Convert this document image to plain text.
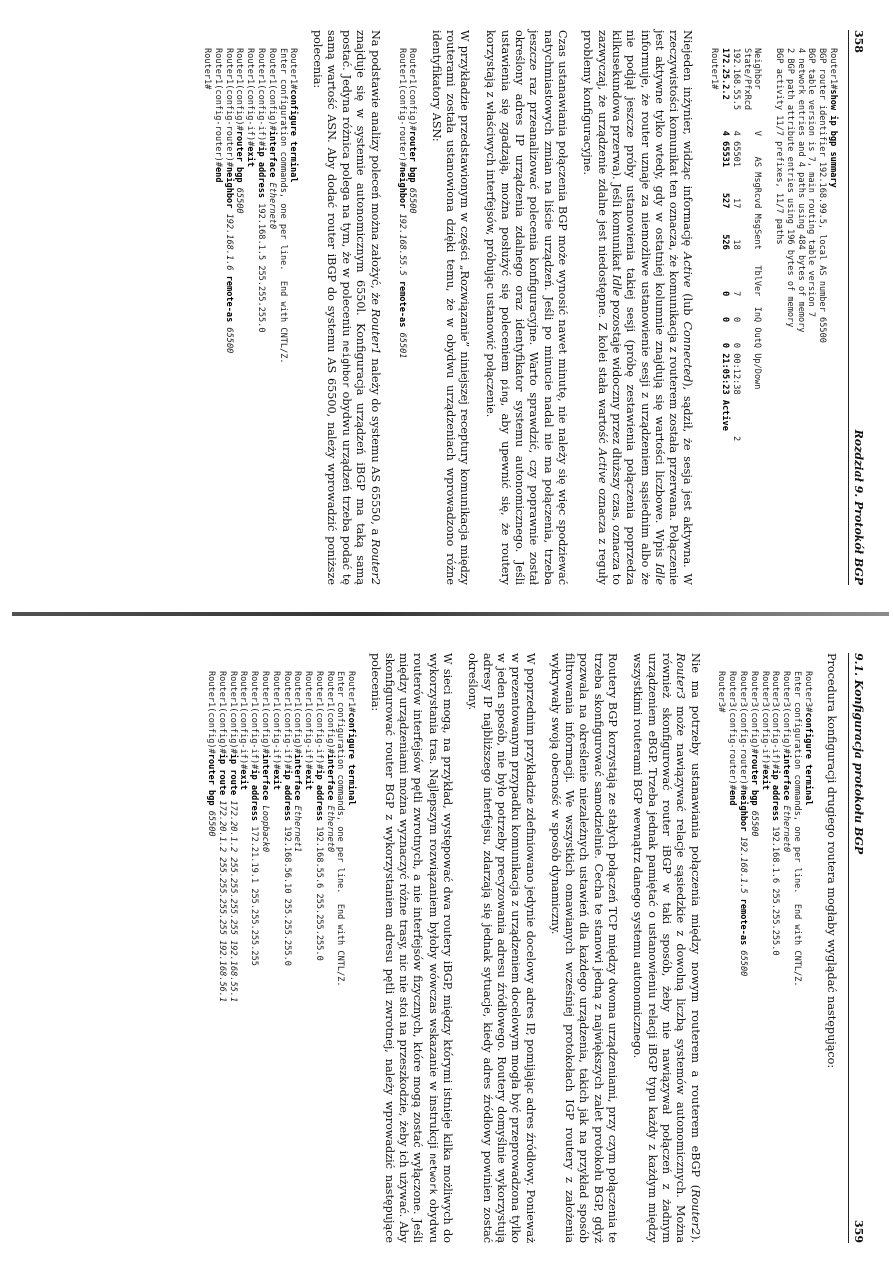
358
Rozdział 9. Protokół BGP
Router1#show ip bgp summary
BGP router identifier 192.168.99.5, local AS number 65500
BGP table version is 7, main routing table version 7
4 network entries and 4 paths using 484 bytes of memory
2 BGP path attribute entries using 196 bytes of memory
BGP activity 11/7 prefixes, 11/7 paths

Neighbor        V    AS MsgRcvd MsgSent   TblVer  InQ OutQ Up/Down
State/PfxRcd
192.168.55.5    4 65501      17      18        7    0    0 00:12:38        2
172.25.2.2      4 65531     527     526        0    0    0 21:05:23 Active
Router1#

Niejeden inżynier, widząc informację Active (lub Connected), sądził, że sesja jest aktywna. W rzeczywistości komunikat ten oznacza, że komunikacja z routerem została przerwana. Połączenie jest aktywne tylko wtedy, gdy w ostatniej kolumnie znajdują się wartości liczbowe. Wpis Idle informuje, że router uznaje za niemożliwe ustanowienie sesji z urządzeniem sąsiednim albo że nie podjął jeszcze próby ustanowienia takiej sesji (próbę zestawienia połączenia poprzedza kilkusekundowa przerwa). Jeśli komunikat Idle pozostaje widoczny przez dłuższy czas, oznacza to zazwyczaj, że urządzenie zdalne jest niedostępne. Z kolei stała wartość Active oznacza z reguły problemy konfiguracyjne.

Czas ustanawiania połączenia BGP może wynosić nawet minutę, nie należy się więc spodziewać natychmiastowych zmian na liście urządzeń. Jeśli po minucie nadal nie ma połączenia, trzeba jeszcze raz przeanalizować polecenia konfiguracyjne. Warto sprawdzić, czy poprawnie został określony adres IP urządzenia zdalnego oraz identyfikator systemu autonomicznego. Jeśli ustawienia się zgadzają, można posłużyć się poleceniem ping, aby upewnić się, że routery korzystają z właściwych interfejsów, próbując ustanowić połączenie.

W przykładzie przedstawionym w części „Rozwiązanie” niniejszej receptury komunikacja między routerami została ustanowiona dzięki temu, że w obydwu urządzeniach wprowadzono różne identyfikatory ASN:

Router1(config)#router bgp 65500
Router1(config-router)#neighbor 192.168.55.5 remote-as 65501

Na podstawie analizy poleceń można założyć, że Router1 należy do systemu AS 65550, a Router2 znajduje się w systemie autonomicznym 6550l. Konfiguracja urządzeń iBGP ma taką samą postać. Jedyna różnica polega na tym, że w poleceniu neighbor obydwu urządzeń trzeba podać tę samą wartość ASN. Aby dodać router iBGP do systemu AS 65500, należy wprowadzić poniższe polecenia:

Router1#configure terminal
Enter configuration commands, one per line.  End with CNTL/Z.
Router1(config)#interface Ethernet0
Router1(config-if)#ip address 192.168.1.5 255.255.255.0
Router1(config-if)#exit
Router1(config)#router bgp 65500
Router1(config-router)#neighbor 192.168.1.6 remote-as 65500
Router1(config-router)#end
Router1#
9.1. Konfiguracja protokołu BGP
359

Procedura konfiguracji drugiego routera mogłaby wyglądać następująco:

Router3#configure terminal
Enter configuration commands, one per line.  End with CNTL/Z.
Router3(config)#interface Ethernet0
Router3(config-if)#ip address 192.168.1.6 255.255.255.0
Router3(config-if)#exit
Router3(config)#router bgp 65500
Router3(config-router)#neighbor 192.168.1.5 remote-as 65500
Router3(config-router)#end
Router3#

Nie ma potrzeby ustanawiania połączenia między nowym routerem a routerem eBGP (Router2). Router3 może nawiązywać relacje sąsiedzkie z dowolną liczbą systemów autonomicznych. Można również skonfigurować router iBGP w taki sposób, żeby nie nawiązywał połączeń z żadnym urządzeniem eBGP. Trzeba jednak pamiętać o ustanowieniu relacji iBGP typu każdy z każdym między wszystkimi routerami BGP wewnątrz danego systemu autonomicznego.

Routery BGP korzystają ze stałych połączeń TCP między dwoma urządzeniami, przy czym połączenia te trzeba skonfigurować samodzielnie. Cecha te stanowi jedną z największych zalet protokołu BGP, gdyż pozwala na określenie niezależnych ustawień dla każdego urządzenia, takich jak na przykład sposób filtrowania informacji. We wszystkich omawianych wcześniej protokołach IGP routery z założenia wykrywały swoją obecność w sposób dynamiczny.

W poprzednim przykładzie zdefiniowano jedynie docelowy adres IP, pomijając adres źródłowy. Ponieważ w prezentowanym przypadku komunikacja z urządzeniem docelowym mogła być przeprowadzona tylko w jeden sposób, nie było potrzeby precyzowania adresu źródłowego. Routery domyślnie wykorzystują adresy IP najbliższego interfejsu, zdarzają się jednak sytuacje, kiedy adres źródłowy powinien zostać określony.

W sieci mogą, na przykład, występować dwa routery iBGP, między którymi istnieje kilka możliwych do wykorzystania tras. Najlepszym rozwiązaniem byłoby wówczas wskazanie w instrukcji network obydwu routerów interfejsów pętli zwrotnych, a nie interfejsów fizycznych, które mogą zostać wyłączone. Jeśli między urządzeniami można wyznaczyć różne trasy, nic nie stoi na przeszkodzie, żeby ich używać. Aby skonfigurować router BGP z wykorzystaniem adresu pętli zwrotnej, należy wprowadzić następujące polecenia:

Router1#configure terminal
Enter configuration commands, one per line.  End with CNTL/Z.
Router1(config)#interface Ethernet0
Router1(config-if)#ip address 192.168.55.6 255.255.255.0
Router1(config-if)#exit
Router1(config)#interface Ethernet1
Router1(config-if)#ip address 192.168.56.10 255.255.255.0
Router1(config-if)#exit
Router1(config)#interface Loopback0
Router1(config-if)#ip address 172.21.19.1 255.255.255.255
Router1(config-if)#exit
Router1(config)#ip route 172.20.1.2 255.255.255.255 192.168.55.1
Router1(config)#ip route 172.20.1.2 255.255.255.255 192.168.56.1
Router1(config)#router bgp 65500
